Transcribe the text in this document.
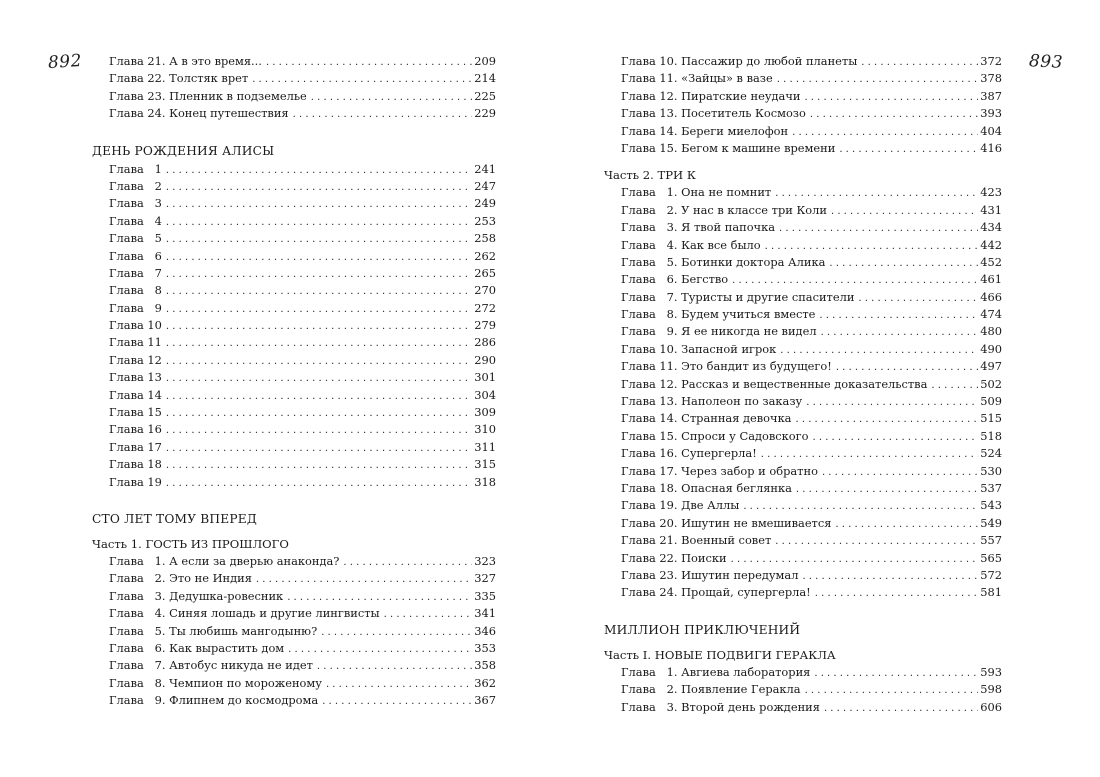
892 Глава 21. А в это время... . . .	209
Глава 22. Толстяк врет . . .	214
Глава 23. Пленник в подземелье . . .	225
Глава 24. Конец путешествия . . .	229
ДЕНЬ РОЖДЕНИЯ АЛИСЫ
Глава   1 . . .	241
Глава   2 . . .	247
Глава   3 . . .	249
Глава   4 . . .	253
Глава   5 . . .	258
Глава   6 . . .	262
Глава   7 . . .	265
Глава   8 . . .	270
Глава   9 . . .	272
Глава 10 . . .	279
Глава 11 . . .	286
Глава 12 . . .	290
Глава 13 . . .	301
Глава 14 . . .	304
Глава 15 . . .	309
Глава 16 . . .	310
Глава 17 . . .	311
Глава 18 . . .	315
Глава 19 . . .	318
СТО ЛЕТ ТОМУ ВПЕРЕД
Часть 1. ГОСТЬ ИЗ ПРОШЛОГО
Глава   1. А если за дверью анаконда? . . .	323
Глава   2. Это не Индия . . .	327
Глава   3. Дедушка-ровесник . . .	335
Глава   4. Синяя лошадь и другие лингвисты . . .	341
Глава   5. Ты любишь мангодыню? . . .	346
Глава   6. Как вырастить дом . . .	353
Глава   7. Автобус никуда не идет . . .	358
Глава   8. Чемпион по мороженому . . .	362
Глава   9. Флипнем до космодрома . . .	367
893
Глава 10. Пассажир до любой планеты . . .	372
Глава 11. «Зайцы» в вазе . . .	378
Глава 12. Пиратские неудачи . . .	387
Глава 13. Посетитель Космозо . . .	393
Глава 14. Береги миелофон . . .	404
Глава 15. Бегом к машине времени . . .	416
Часть 2. ТРИ К
Глава   1. Она не помнит . . .	423
Глава   2. У нас в классе три Коли . . .	431
Глава   3. Я твой папочка . . .	434
Глава   4. Как все было . . .	442
Глава   5. Ботинки доктора Алика . . .	452
Глава   6. Бегство . . .	461
Глава   7. Туристы и другие спасители . . .	466
Глава   8. Будем учиться вместе . . .	474
Глава   9. Я ее никогда не видел . . .	480
Глава 10. Запасной игрок . . .	490
Глава 11. Это бандит из будущего! . . .	497
Глава 12. Рассказ и вещественные доказательства . . .	502
Глава 13. Наполеон по заказу . . .	509
Глава 14. Странная девочка . . .	515
Глава 15. Спроси у Садовского . . .	518
Глава 16. Супергерла! . . .	524
Глава 17. Через забор и обратно . . .	530
Глава 18. Опасная беглянка . . .	537
Глава 19. Две Аллы . . .	543
Глава 20. Ишутин не вмешивается . . .	549
Глава 21. Военный совет . . .	557
Глава 22. Поиски . . .	565
Глава 23. Ишутин передумал . . .	572
Глава 24. Прощай, супергерла! . . .	581
МИЛЛИОН ПРИКЛЮЧЕНИЙ
Часть I. НОВЫЕ ПОДВИГИ ГЕРАКЛА
Глава   1. Авгиева лаборатория . . .	593
Глава   2. Появление Геракла . . .	598
Глава   3. Второй день рождения . . .	606
